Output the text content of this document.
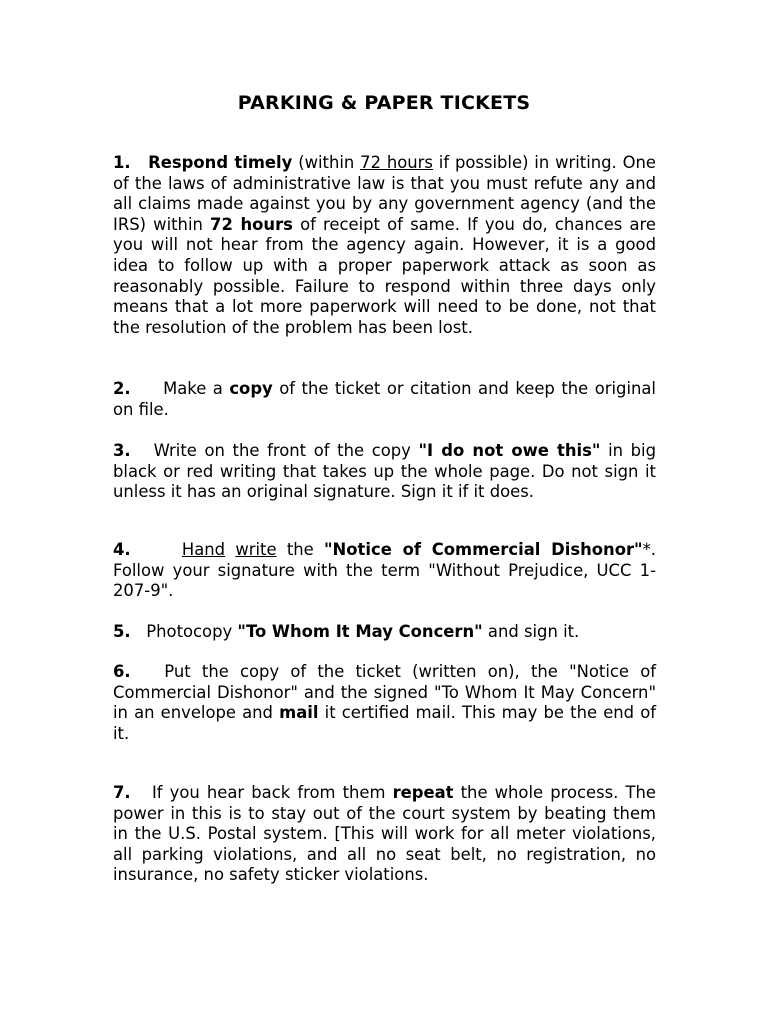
PARKING & PAPER TICKETS

1. Respond timely (within 72 hours if possible) in writing. One of the laws of administrative law is that you must refute any and all claims made against you by any government agency (and the IRS) within 72 hours of receipt of same. If you do, chances are you will not hear from the agency again. However, it is a good idea to follow up with a proper paperwork attack as soon as reasonably possible. Failure to respond within three days only means that a lot more paperwork will need to be done, not that the resolution of the problem has been lost.

2. Make a copy of the ticket or citation and keep the original on file.

3. Write on the front of the copy "I do not owe this" in big black or red writing that takes up the whole page. Do not sign it unless it has an original signature. Sign it if it does.

4.	Hand write the "Notice of Commercial Dishonor"*. Follow your signature with the term "Without Prejudice, UCC 1-207-9".

5. Photocopy "To Whom It May Concern" and sign it.

6. Put the copy of the ticket (written on), the "Notice of Commercial Dishonor" and the signed "To Whom It May Concern" in an envelope and mail it certified mail. This may be the end of it.

7. If you hear back from them repeat the whole process. The power in this is to stay out of the court system by beating them in the U.S. Postal system. [This will work for all meter violations, all parking violations, and all no seat belt, no registration, no insurance, no safety sticker violations.
